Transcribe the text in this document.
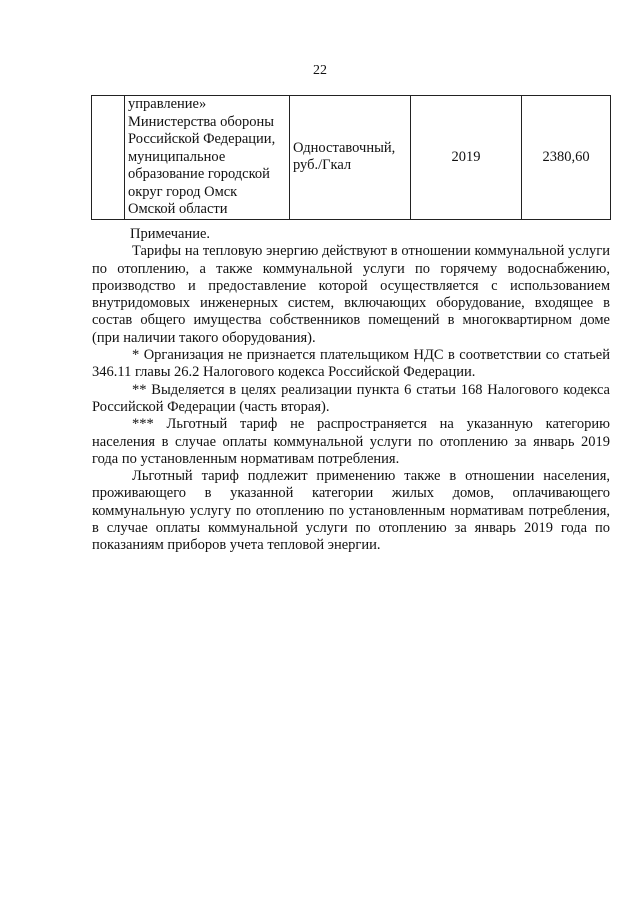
22
	управление» Министерства обороны Российской Федерации, муниципальное образование городской округ город Омск Омской области	Одноставочный, руб./Гкал	2019	2380,60

Примечание.

Тарифы на тепловую энергию действуют в отношении коммунальной услуги по отоплению, а также коммунальной услуги по горячему водоснабжению, производство и предоставление которой осуществляется с использованием внутридомовых инженерных систем, включающих оборудование, входящее в состав общего имущества собственников помещений в многоквартирном доме (при наличии такого оборудования).

* Организация не признается плательщиком НДС в соответствии со статьей 346.11 главы 26.2 Налогового кодекса Российской Федерации.

** Выделяется в целях реализации пункта 6 статьи 168 Налогового кодекса Российской Федерации (часть вторая).

*** Льготный тариф не распространяется на указанную категорию населения в случае оплаты коммунальной услуги по отоплению за январь 2019 года по установленным нормативам потребления.

Льготный тариф подлежит применению также в отношении населения, проживающего в указанной категории жилых домов, оплачивающего коммунальную услугу по отоплению по установленным нормативам потребления, в случае оплаты коммунальной услуги по отоплению за январь 2019 года по показаниям приборов учета тепловой энергии.
